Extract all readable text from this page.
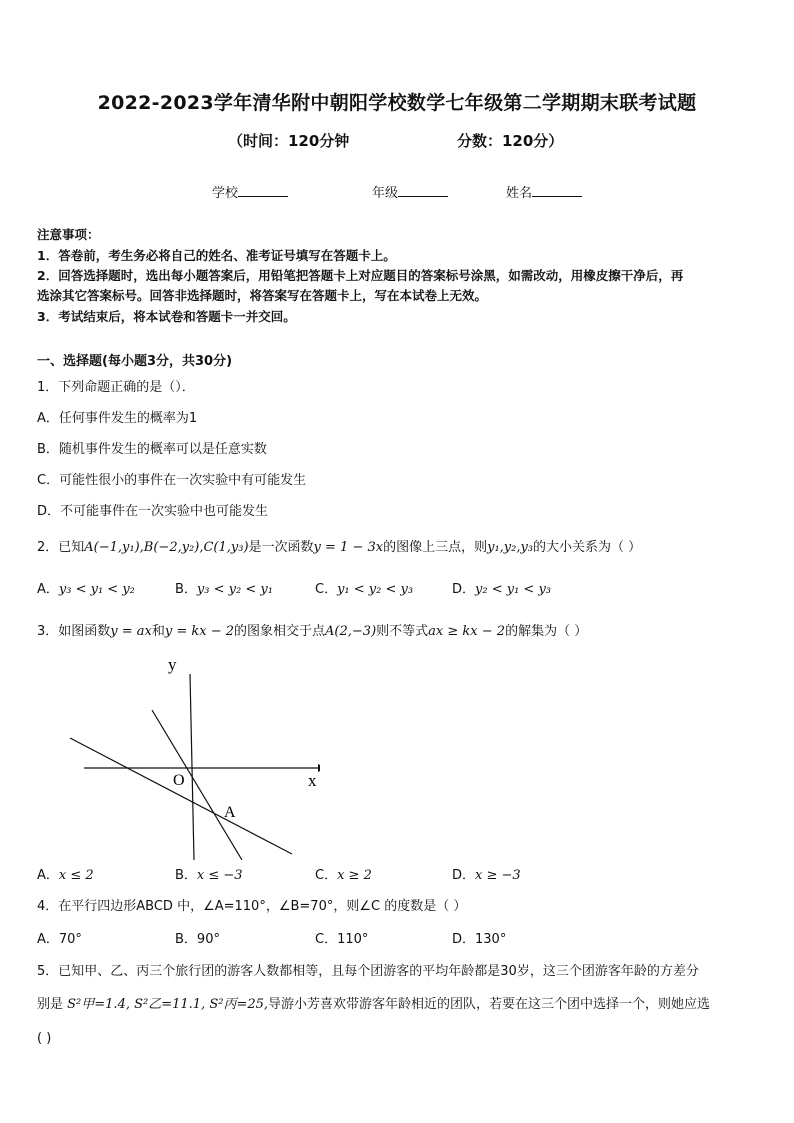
2022-2023学年清华附中朝阳学校数学七年级第二学期期末联考试题
（时间：120分钟	分数：120分）
学校	年级	姓名
注意事项：
1．答卷前，考生务必将自己的姓名、准考证号填写在答题卡上。
2．回答选择题时，选出每小题答案后，用铅笔把答题卡上对应题目的答案标号涂黑，如需改动，用橡皮擦干净后，再
选涂其它答案标号。回答非选择题时，将答案写在答题卡上，写在本试卷上无效。
3．考试结束后，将本试卷和答题卡一并交回。
一、选择题(每小题3分，共30分)
1．下列命题正确的是（）．
A．任何事件发生的概率为1
B．随机事件发生的概率可以是任意实数
C．可能性很小的事件在一次实验中有可能发生
D．不可能事件在一次实验中也可能发生
2．已知A(−1,y₁),B(−2,y₂),C(1,y₃)是一次函数y = 1 − 3x的图像上三点，则y₁,y₂,y₃的大小关系为（ ）
A．y₃ < y₁ < y₂	B．y₃ < y₂ < y₁	C．y₁ < y₂ < y₃	D．y₂ < y₁ < y₃
3．如图函数y = ax和y = kx − 2的图象相交于点A(2,−3)则不等式ax ≥ kx − 2的解集为（ ）
y
x
O
A
A．x ≤ 2	B．x ≤ −3	C．x ≥ 2	D．x ≥ −3
4．在平行四边形ABCD 中，∠A=110°，∠B=70°，则∠C 的度数是（ ）
A．70°	B．90°	C．110°	D．130°
5．已知甲、乙、丙三个旅行团的游客人数都相等，且每个团游客的平均年龄都是30岁，这三个团游客年龄的方差分
别是 S²甲=1.4, S²乙=11.1, S²丙=25,导游小芳喜欢带游客年龄相近的团队，若要在这三个团中选择一个，则她应选
( )
